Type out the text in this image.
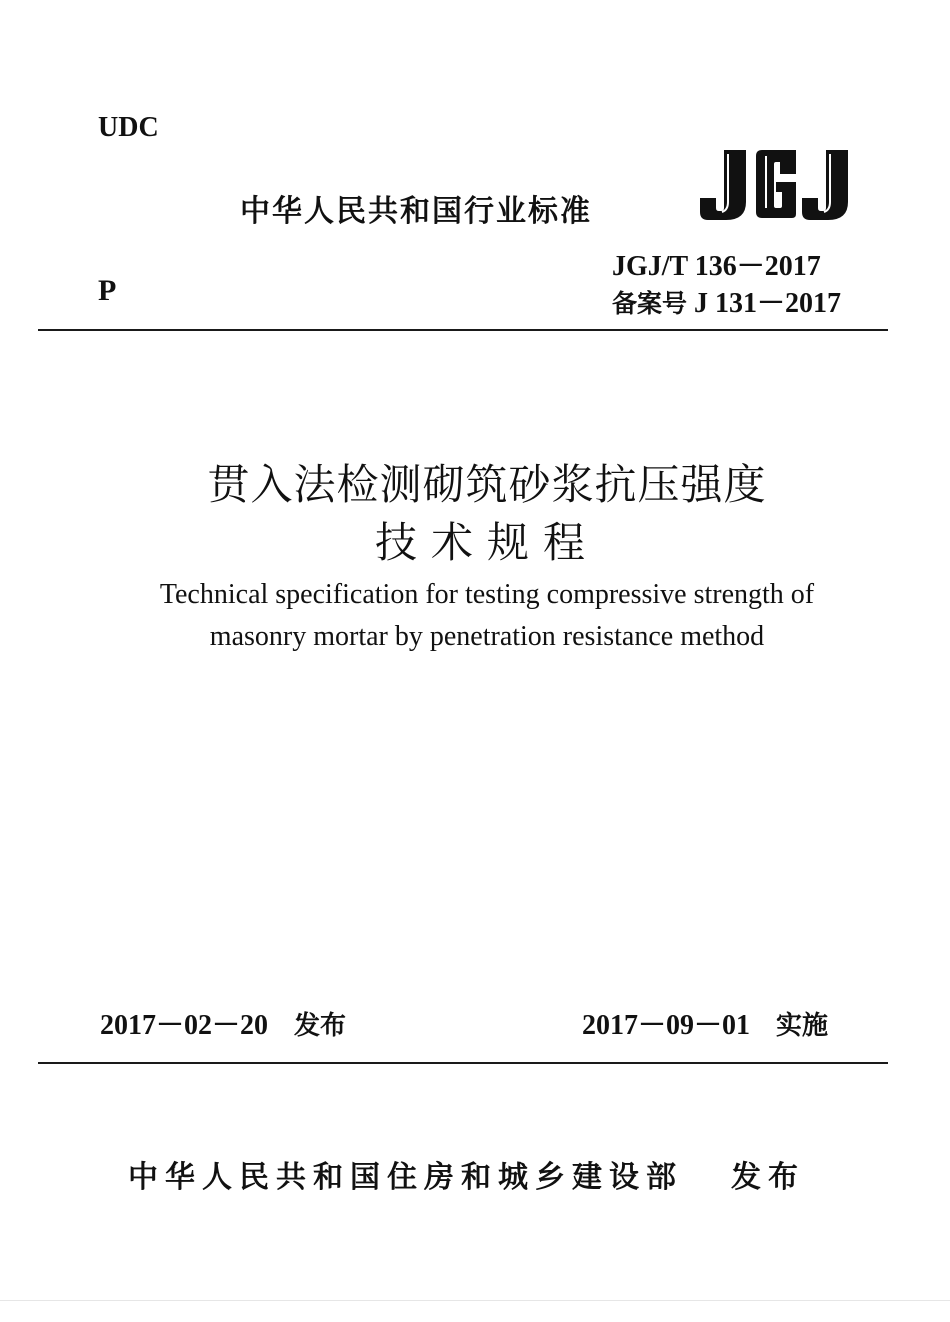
UDC
中华人民共和国行业标准
JGJ/T 136－2017
备案号 J 131－2017
P
贯入法检测砌筑砂浆抗压强度
技术规程
Technical specification for testing compressive strength of
masonry mortar by penetration resistance method
2017－02－20 发布	2017－09－01 实施
中华人民共和国住房和城乡建设部 发布
